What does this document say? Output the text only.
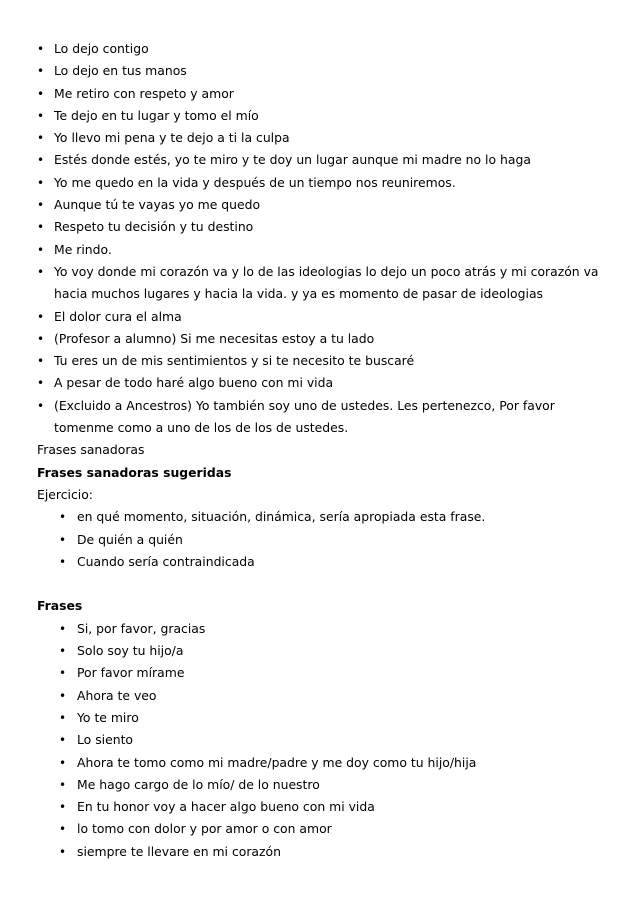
• Lo dejo contigo
• Lo dejo en tus manos
• Me retiro con respeto y amor
• Te dejo en tu lugar y tomo el mío
• Yo llevo mi pena y te dejo a ti la culpa
• Estés donde estés, yo te miro y te doy un lugar aunque mi madre no lo haga
• Yo me quedo en la vida y después de un tiempo nos reuniremos.
• Aunque tú te vayas yo me quedo
• Respeto tu decisión y tu destino
• Me rindo.
• Yo voy donde mi corazón va y lo de las ideologias lo dejo un poco atrás y mi corazón va hacia muchos lugares y hacia la vida. y ya es momento de pasar de ideologias
• El dolor cura el alma
• (Profesor a alumno) Si me necesitas estoy a tu lado
• Tu eres un de mis sentimientos y si te necesito te buscaré
• A pesar de todo haré algo bueno con mi vida
• (Excluido a Ancestros) Yo también soy uno de ustedes. Les pertenezco, Por favor tomenme como a uno de los de los de ustedes.
Frases sanadoras
Frases sanadoras sugeridas
Ejercicio:
• en qué momento, situación, dinámica, sería apropiada esta frase.
• De quién a quién
• Cuando sería contraindicada
Frases
• Si, por favor, gracias
• Solo soy tu hijo/a
• Por favor mírame
• Ahora te veo
• Yo te miro
• Lo siento
• Ahora te tomo como mi madre/padre y me doy como tu hijo/hija
• Me hago cargo de lo mío/ de lo nuestro
• En tu honor voy a hacer algo bueno con mi vida
• lo tomo con dolor y por amor o con amor
• siempre te llevare en mi corazón
